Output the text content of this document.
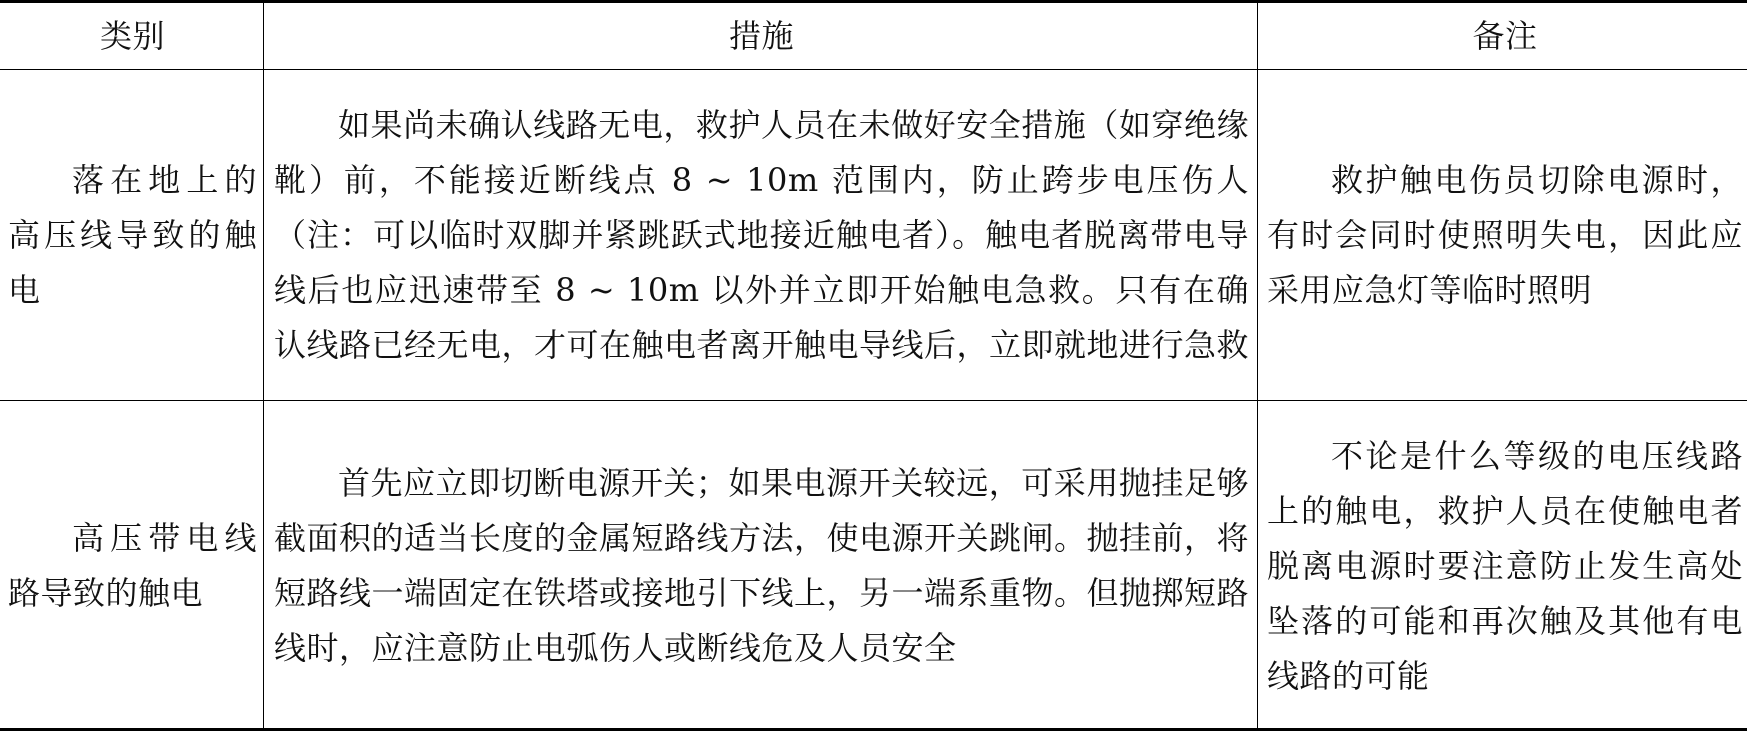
类别	措施	备注
落在地上的高压线导致的触电
如果尚未确认线路无电，救护人员在未做好安全措施（如穿绝缘靴）前，不能接近断线点 8 ~ 10m 范围内，防止跨步电压伤人（注：可以临时双脚并紧跳跃式地接近触电者）。触电者脱离带电导线后也应迅速带至 8 ~ 10m 以外并立即开始触电急救。只有在确认线路已经无电，才可在触电者离开触电导线后，立即就地进行急救
救护触电伤员切除电源时，有时会同时使照明失电，因此应采用应急灯等临时照明
高压带电线路导致的触电
首先应立即切断电源开关；如果电源开关较远，可采用抛挂足够截面积的适当长度的金属短路线方法，使电源开关跳闸。抛挂前，将短路线一端固定在铁塔或接地引下线上，另一端系重物。但抛掷短路线时，应注意防止电弧伤人或断线危及人员安全
不论是什么等级的电压线路上的触电，救护人员在使触电者脱离电源时要注意防止发生高处坠落的可能和再次触及其他有电线路的可能
